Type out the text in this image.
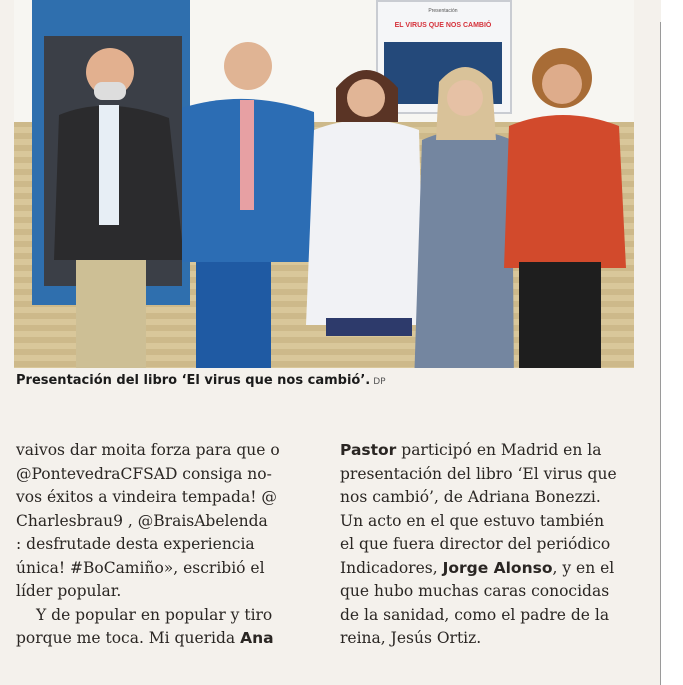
Presentación
EL VIRUS QUE NOS CAMBIÓ
Presentación del libro ‘El virus que nos cambió’. DP
vaivos dar moita forza para que o
@PontevedraCFSAD consiga no-
vos éxitos a vindeira tempada! @
Charlesbrau9 , @BraisAbelenda
: desfrutade desta experiencia
única! #BoCamiño», escribió el
líder popular.
Y de popular en popular y tiro
porque me toca. Mi querida Ana
Pastor participó en Madrid en la
presentación del libro ‘El virus que
nos cambió’, de Adriana Bonezzi.
Un acto en el que estuvo también
el que fuera director del periódico
Indicadores, Jorge Alonso, y en el
que hubo muchas caras conocidas
de la sanidad, como el padre de la
reina, Jesús Ortiz.
